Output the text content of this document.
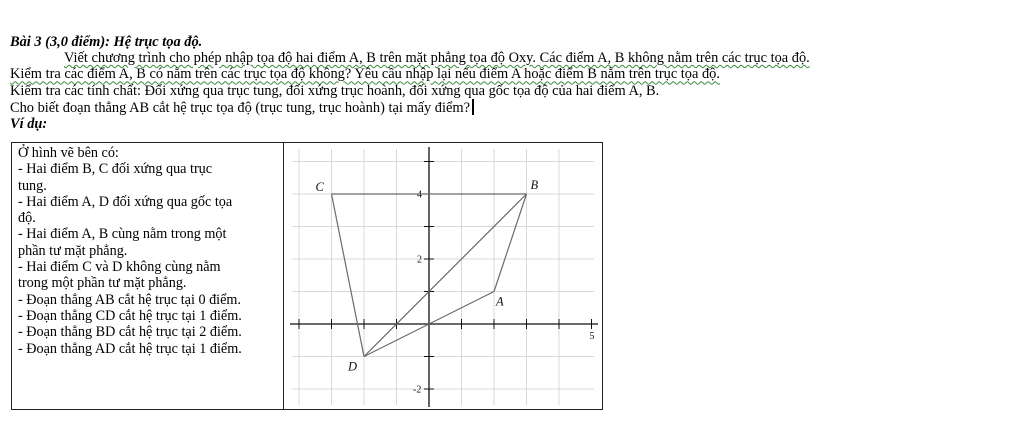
Bài 3 (3,0 điểm): Hệ trục tọa độ.

Viết chương trình cho phép nhập tọa độ hai điểm A, B trên mặt phẳng tọa độ Oxy. Các điểm A, B không nằm trên các trục tọa độ.

Kiểm tra các điểm A, B có nằm trên các trục tọa độ không? Yêu cầu nhập lại nếu điểm A hoặc điểm B nằm trên trục tọa độ.

Kiểm tra các tính chất: Đối xứng qua trục tung, đối xứng trục hoành, đối xứng qua gốc tọa độ của hai điểm A, B.

Cho biết đoạn thẳng AB cắt hệ trục tọa độ (trục tung, trục hoành) tại mấy điểm?

Ví dụ:

Ở hình vẽ bên có:
- Hai điểm B, C đối xứng qua trục
tung.
- Hai điểm A, D đối xứng qua gốc tọa
độ.
- Hai điểm A, B cùng nằm trong một
phần tư mặt phẳng.
- Hai điểm C và D không cùng nằm
trong một phần tư mặt phẳng.
- Đoạn thẳng AB cắt hệ trục tại 0 điểm.
- Đoạn thẳng CD cắt hệ trục tại 1 điểm.
- Đoạn thẳng BD cắt hệ trục tại 2 điểm.
- Đoạn thẳng AD cắt hệ trục tại 1 điểm.
5
4
2
-2
A
B
C
D
